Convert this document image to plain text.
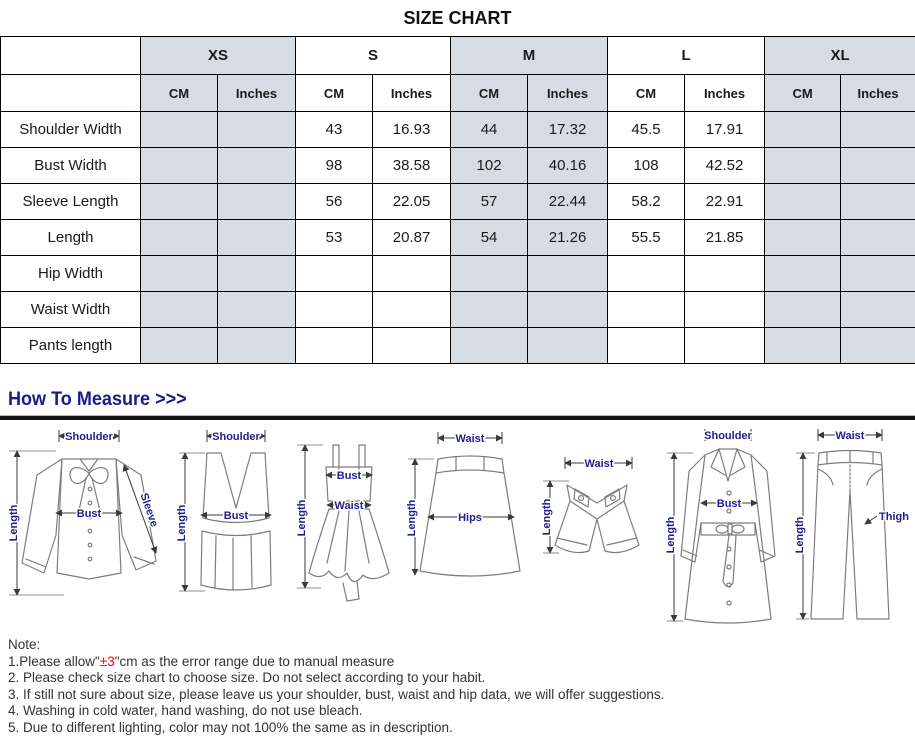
SIZE CHART
	XS		S		M		L		XL	
	CM	Inches	CM	Inches	CM	Inches	CM	Inches	CM	Inches
Shoulder Width			43	16.93	44	17.32	45.5	17.91		
Bust Width			98	38.58	102	40.16	108	42.52		
Sleeve Length			56	22.05	57	22.44	58.2	22.91		
Length			53	20.87	54	21.26	55.5	21.85		
Hip Width										
Waist Width										
Pants length										
How To Measure >>>
Shoulder
Length	Bust	Sleeve
Shoulder
Length	Bust	Length
Bust
Waist
Waist
Length	Hips
Waist
Length
Shoulder
Length
Bust
Waist
Length	Thigh
Note:
1.Please allow"±3"cm as the error range due to manual measure
2. Please check size chart to choose size. Do not select according to your habit.
3. If still not sure about size, please leave us your shoulder, bust, waist and hip data, we will offer suggestions.
4. Washing in cold water, hand washing, do not use bleach.
5. Due to different lighting, color may not 100% the same as in description.
